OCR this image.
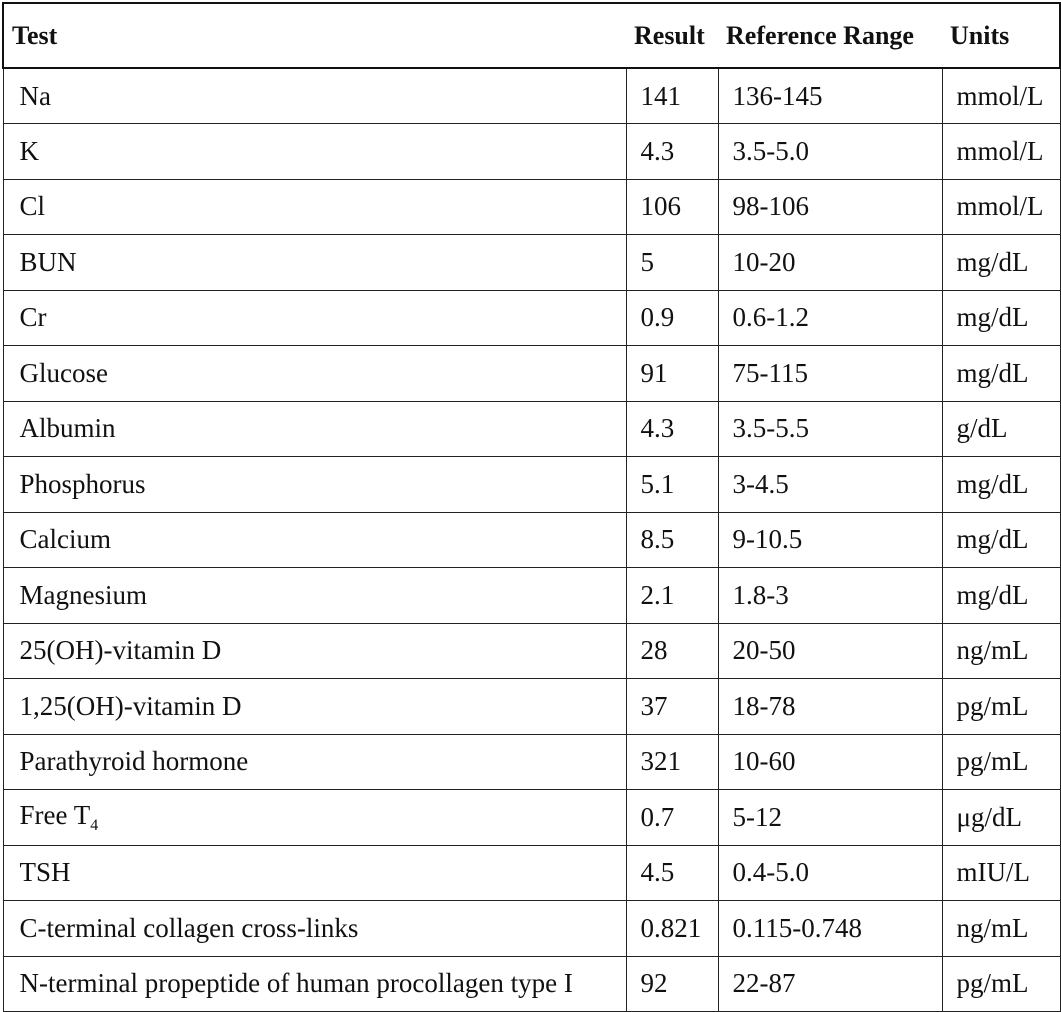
Test	Result	Reference Range	Units
Na	141	136-145	mmol/L
K	4.3	3.5-5.0	mmol/L
Cl	106	98-106	mmol/L
BUN	5	10-20	mg/dL
Cr	0.9	0.6-1.2	mg/dL
Glucose	91	75-115	mg/dL
Albumin	4.3	3.5-5.5	g/dL
Phosphorus	5.1	3-4.5	mg/dL
Calcium	8.5	9-10.5	mg/dL
Magnesium	2.1	1.8-3	mg/dL
25(OH)-vitamin D	28	20-50	ng/mL
1,25(OH)-vitamin D	37	18-78	pg/mL
Parathyroid hormone	321	10-60	pg/mL
Free $T_4$	0.7	5-12	μg/dL
TSH	4.5	0.4-5.0	mIU/L
C-terminal collagen cross-links	0.821	0.115-0.748	ng/mL
N-terminal propeptide of human procollagen type I	92	22-87	pg/mL
